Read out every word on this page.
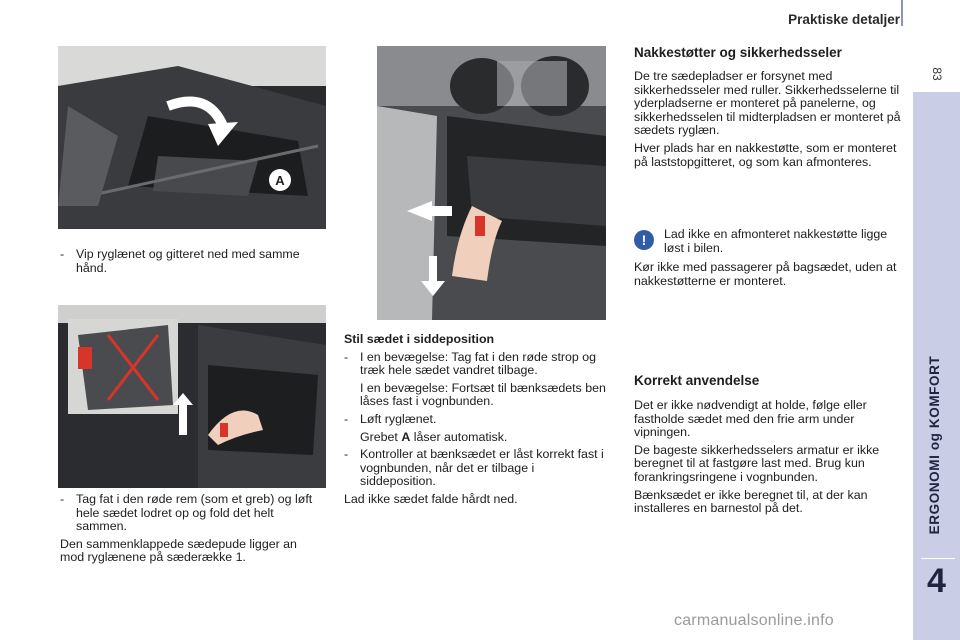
Praktiske detaljer
83
ERGONOMI og KOMFORT
4
A
- Vip ryglænet og gitteret ned med samme hånd.
- Tag fat i den røde rem (som et greb) og løft hele sædet lodret op og fold det helt sammen.

Den sammenklappede sædepude ligger an mod ryglænene på sæderække 1.

Stil sædet i siddeposition
- I en bevægelse: Tag fat i den røde strop og træk hele sædet vandret tilbage.
I en bevægelse: Fortsæt til bænksædets ben låses fast i vognbunden.
- Løft ryglænet.
Grebet A låser automatisk.
- Kontroller at bænksædet er låst korrekt fast i vognbunden, når det er tilbage i siddeposition.

Lad ikke sædet falde hårdt ned.

Nakkestøtter og sikkerhedsseler

De tre sædepladser er forsynet med sikkerhedsseler med ruller. Sikkerhedsselerne til yderpladserne er monteret på panelerne, og sikkerhedsselen til midterpladsen er monteret på sædets ryglæn.

Hver plads har en nakkestøtte, som er monteret på laststopgitteret, og som kan afmonteres.

!	Lad ikke en afmonteret nakkestøtte ligge løst i bilen.

Kør ikke med passagerer på bagsædet, uden at nakkestøtterne er monteret.

Korrekt anvendelse

Det er ikke nødvendigt at holde, følge eller fastholde sædet med den frie arm under vipningen.

De bageste sikkerhedsselers armatur er ikke beregnet til at fastgøre last med. Brug kun forankringsringene i vognbunden.

Bænksædet er ikke beregnet til, at der kan installeres en barnestol på det.

carmanualsonline.info
